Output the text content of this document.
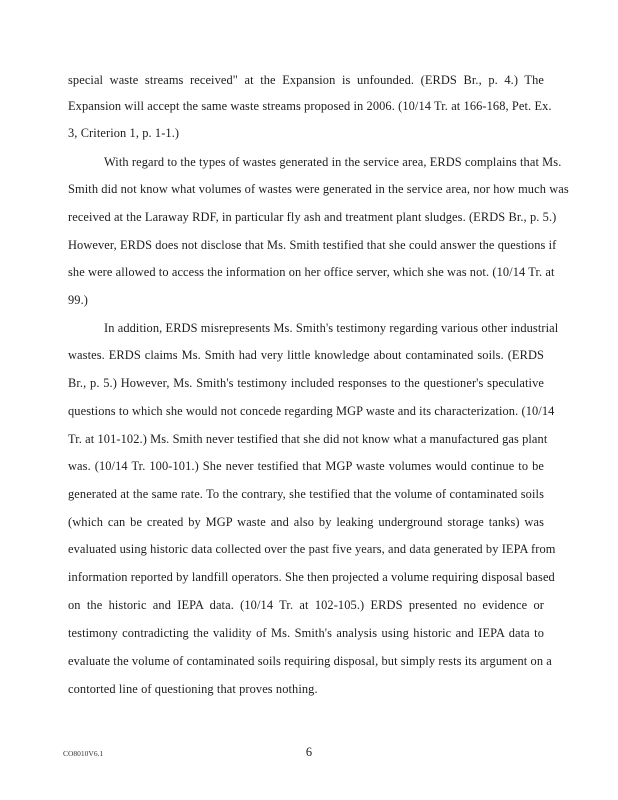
special waste streams received" at the Expansion is unfounded. (ERDS Br., p. 4.) The
Expansion will accept the same waste streams proposed in 2006. (10/14 Tr. at 166-168, Pet. Ex.
3, Criterion 1, p. 1-1.)
With regard to the types of wastes generated in the service area, ERDS complains that Ms.
Smith did not know what volumes of wastes were generated in the service area, nor how much was
received at the Laraway RDF, in particular fly ash and treatment plant sludges. (ERDS Br., p. 5.)
However, ERDS does not disclose that Ms. Smith testified that she could answer the questions if
she were allowed to access the information on her office server, which she was not. (10/14 Tr. at
99.)
In addition, ERDS misrepresents Ms. Smith's testimony regarding various other industrial
wastes. ERDS claims Ms. Smith had very little knowledge about contaminated soils. (ERDS
Br., p. 5.) However, Ms. Smith's testimony included responses to the questioner's speculative
questions to which she would not concede regarding MGP waste and its characterization. (10/14
Tr. at 101-102.) Ms. Smith never testified that she did not know what a manufactured gas plant
was. (10/14 Tr. 100-101.) She never testified that MGP waste volumes would continue to be
generated at the same rate. To the contrary, she testified that the volume of contaminated soils
(which can be created by MGP waste and also by leaking underground storage tanks) was
evaluated using historic data collected over the past five years, and data generated by IEPA from
information reported by landfill operators. She then projected a volume requiring disposal based
on the historic and IEPA data. (10/14 Tr. at 102-105.) ERDS presented no evidence or
testimony contradicting the validity of Ms. Smith's analysis using historic and IEPA data to
evaluate the volume of contaminated soils requiring disposal, but simply rests its argument on a
contorted line of questioning that proves nothing.
CO8010V6.1	6
